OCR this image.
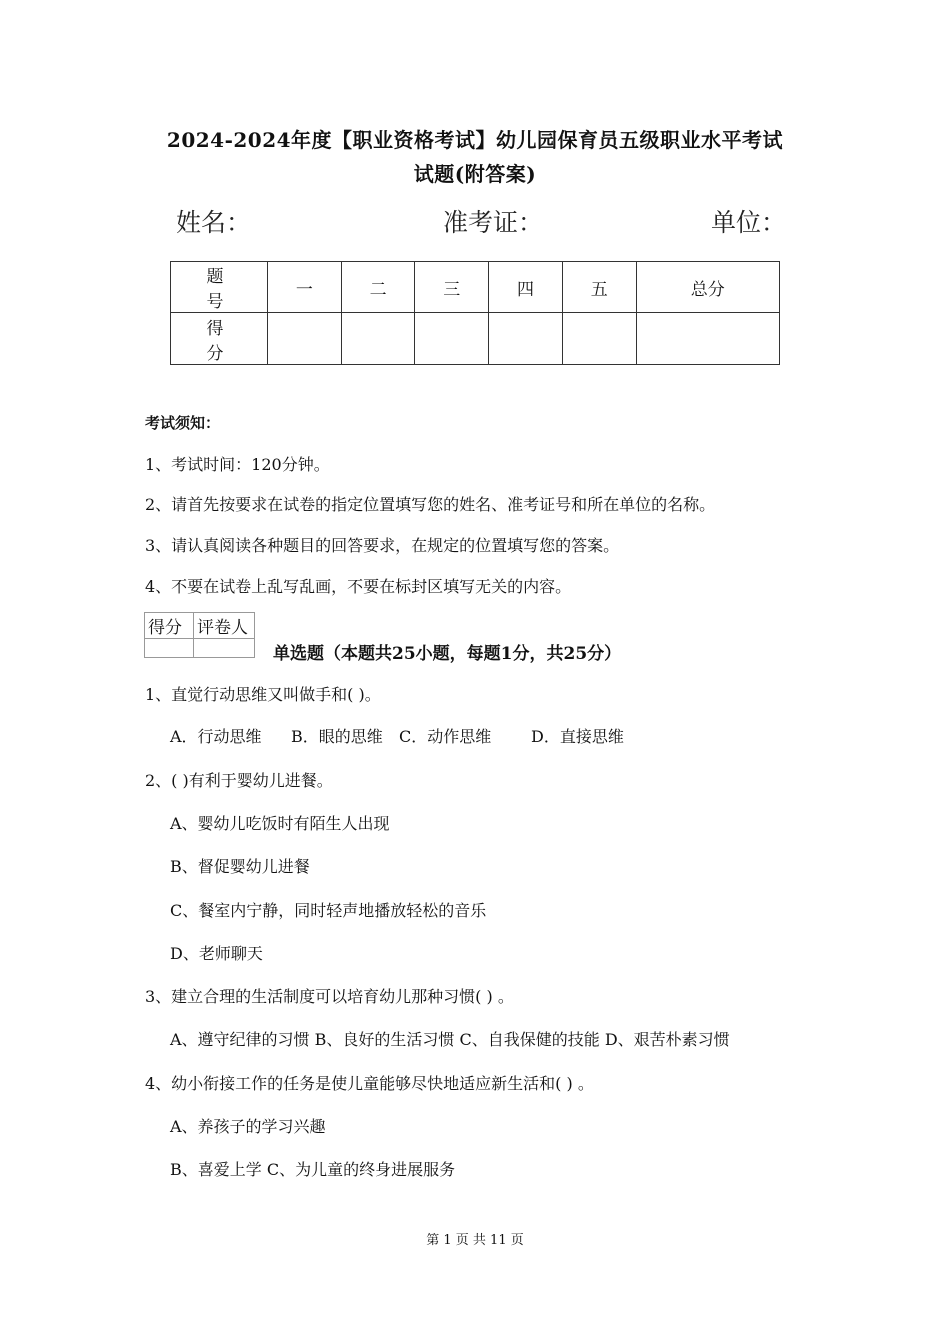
2024-2024年度【职业资格考试】幼儿园保育员五级职业水平考试
试题(附答案)
姓名：	准考证：	单位：
题 号	一	二	三	四	五	总分
得 分						
考试须知：
1、考试时间：120分钟。
2、请首先按要求在试卷的指定位置填写您的姓名、准考证号和所在单位的名称。
3、请认真阅读各种题目的回答要求，在规定的位置填写您的答案。
4、不要在试卷上乱写乱画，不要在标封区填写无关的内容。
得分	评卷人

单选题（本题共25小题，每题1分，共25分）
1、直觉行动思维又叫做手和( )。
A．行动思维 B．眼的思维 C．动作思维 D．直接思维
2、( )有利于婴幼儿进餐。
A、婴幼儿吃饭时有陌生人出现
B、督促婴幼儿进餐
C、餐室内宁静，同时轻声地播放轻松的音乐
D、老师聊天
3、建立合理的生活制度可以培育幼儿那种习惯( ) 。
A、遵守纪律的习惯 B、良好的生活习惯 C、自我保健的技能 D、艰苦朴素习惯
4、幼小衔接工作的任务是使儿童能够尽快地适应新生活和( ) 。
A、养孩子的学习兴趣
B、喜爱上学 C、为儿童的终身进展服务
第 1 页 共 11 页
